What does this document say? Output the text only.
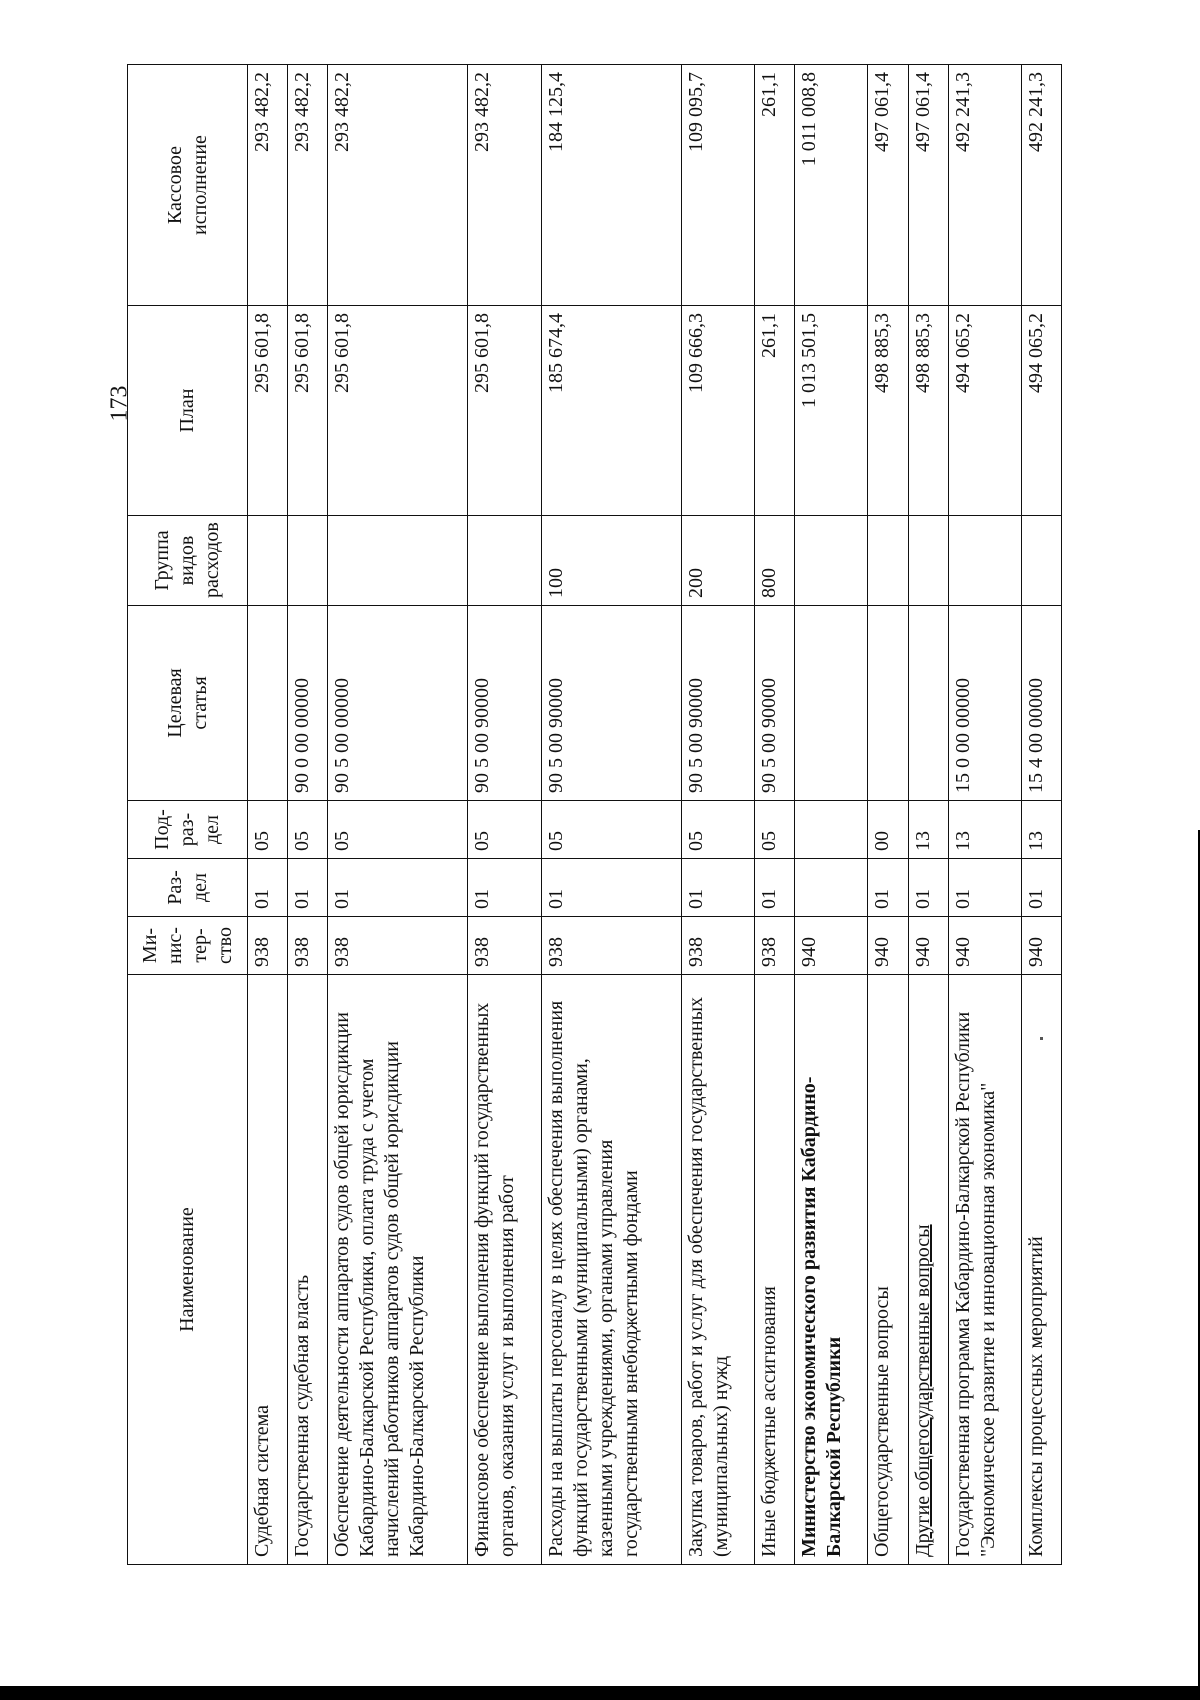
173
Наименование	Ми-
нис-
тер-
ство	Раз-
дел	Под-
раз-
дел	Целевая
статья	Группа
видов
расходов	План	Кассовое
исполнение
Судебная система	938	01	05			295 601,8	293 482,2
Государственная судебная власть	938	01	05	90 0 00 00000		295 601,8	293 482,2
Обеспечение деятельности аппаратов судов общей юрисдикции Кабардино-Балкарской Республики, оплата труда с учетом начислений работников аппаратов судов общей юрисдикции Кабардино-Балкарской Республики	938	01	05	90 5 00 00000		295 601,8	293 482,2
Финансовое обеспечение выполнения функций государственных органов, оказания услуг и выполнения работ	938	01	05	90 5 00 90000		295 601,8	293 482,2
Расходы на выплаты персоналу в целях обеспечения выполнения функций государственными (муниципальными) органами, казенными учреждениями, органами управления государственными внебюджетными фондами	938	01	05	90 5 00 90000	100	185 674,4	184 125,4
Закупка товаров, работ и услуг для обеспечения государственных (муниципальных) нужд	938	01	05	90 5 00 90000	200	109 666,3	109 095,7
Иные бюджетные ассигнования	938	01	05	90 5 00 90000	800	261,1	261,1
Министерство экономического развития Кабардино-Балкарской Республики	940					1 013 501,5	1 011 008,8
Общегосударственные вопросы	940	01	00			498 885,3	497 061,4
Другие общегосударственные вопросы	940	01	13			498 885,3	497 061,4
Государственная программа Кабардино-Балкарской Республики "Экономическое развитие и инновационная экономика"	940	01	13	15 0 00 00000		494 065,2	492 241,3
Комплексы процессных мероприятий	940	01	13	15 4 00 00000		494 065,2	492 241,3
